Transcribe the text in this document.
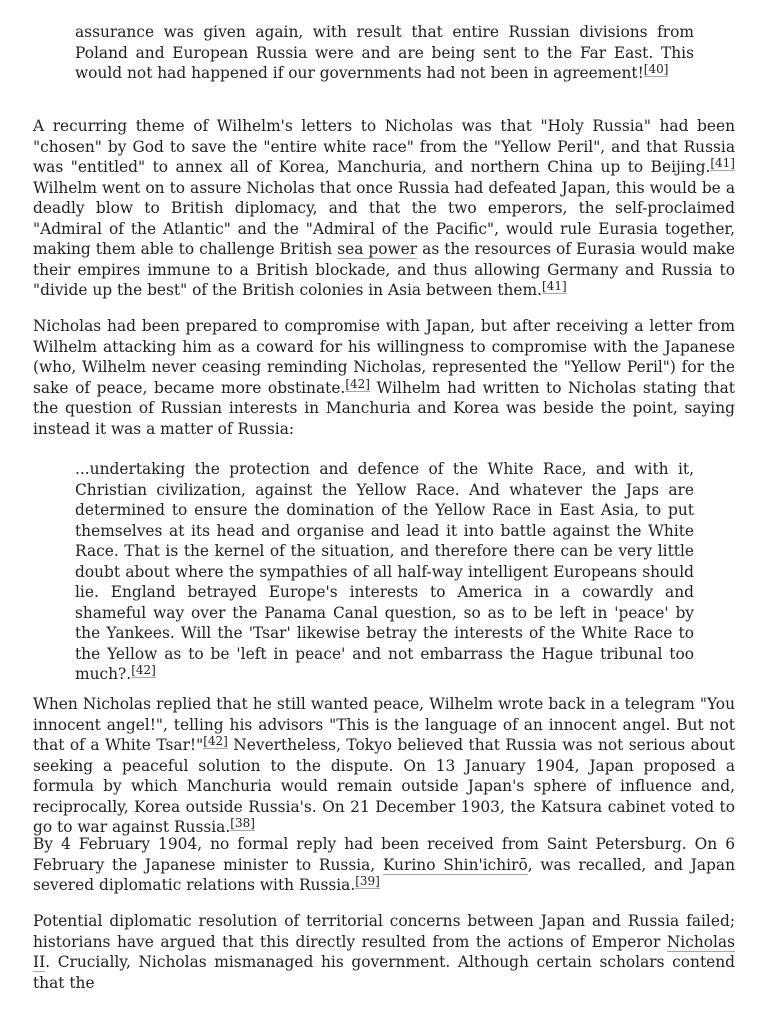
assurance was given again, with result that entire Russian divisions from Poland and European Russia were and are being sent to the Far East. This would not had happened if our governments had not been in agreement![40]

A recurring theme of Wilhelm's letters to Nicholas was that "Holy Russia" had been "chosen" by God to save the "entire white race" from the "Yellow Peril", and that Russia was "entitled" to annex all of Korea, Manchuria, and northern China up to Beijing.[41] Wilhelm went on to assure Nicholas that once Russia had defeated Japan, this would be a deadly blow to British diplomacy, and that the two emperors, the self-proclaimed "Admiral of the Atlantic" and the "Admiral of the Pacific", would rule Eurasia together, making them able to challenge British sea power as the resources of Eurasia would make their empires immune to a British blockade, and thus allowing Germany and Russia to "divide up the best" of the British colonies in Asia between them.[41]

Nicholas had been prepared to compromise with Japan, but after receiving a letter from Wilhelm attacking him as a coward for his willingness to compromise with the Japanese (who, Wilhelm never ceasing reminding Nicholas, represented the "Yellow Peril") for the sake of peace, became more obstinate.[42] Wilhelm had written to Nicholas stating that the question of Russian interests in Manchuria and Korea was beside the point, saying instead it was a matter of Russia:

...undertaking the protection and defence of the White Race, and with it, Christian civilization, against the Yellow Race. And whatever the Japs are determined to ensure the domination of the Yellow Race in East Asia, to put themselves at its head and organise and lead it into battle against the White Race. That is the kernel of the situation, and therefore there can be very little doubt about where the sympathies of all half-way intelligent Europeans should lie. England betrayed Europe's interests to America in a cowardly and shameful way over the Panama Canal question, so as to be left in 'peace' by the Yankees. Will the 'Tsar' likewise betray the interests of the White Race to the Yellow as to be 'left in peace' and not embarrass the Hague tribunal too much?.[42]

When Nicholas replied that he still wanted peace, Wilhelm wrote back in a telegram "You innocent angel!", telling his advisors "This is the language of an innocent angel. But not that of a White Tsar!"[42] Nevertheless, Tokyo believed that Russia was not serious about seeking a peaceful solution to the dispute. On 13 January 1904, Japan proposed a formula by which Manchuria would remain outside Japan's sphere of influence and, reciprocally, Korea outside Russia's. On 21 December 1903, the Katsura cabinet voted to go to war against Russia.[38]

By 4 February 1904, no formal reply had been received from Saint Petersburg. On 6 February the Japanese minister to Russia, Kurino Shin'ichirō, was recalled, and Japan severed diplomatic relations with Russia.[39]

Potential diplomatic resolution of territorial concerns between Japan and Russia failed; historians have argued that this directly resulted from the actions of Emperor Nicholas II. Crucially, Nicholas mismanaged his government. Although certain scholars contend that the
